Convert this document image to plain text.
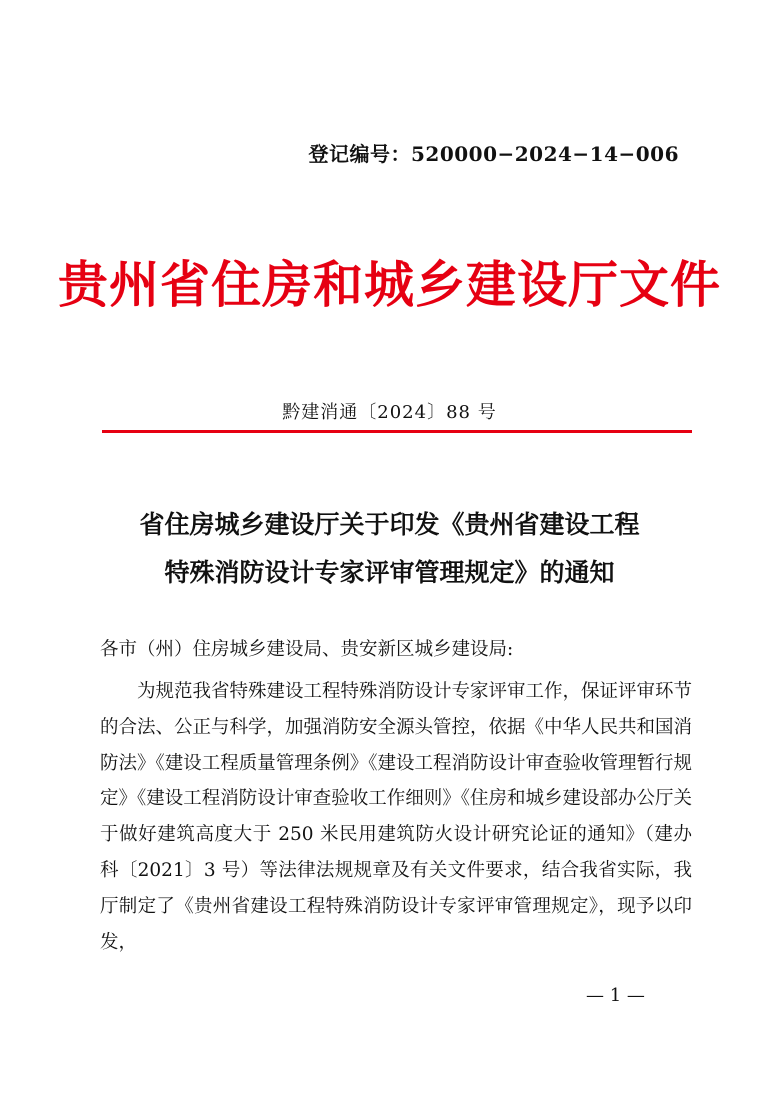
登记编号：520000−2024−14−006
贵州省住房和城乡建设厅文件
黔建消通〔2024〕88 号
省住房城乡建设厅关于印发《贵州省建设工程
特殊消防设计专家评审管理规定》的通知
各市（州）住房城乡建设局、贵安新区城乡建设局:

为规范我省特殊建设工程特殊消防设计专家评审工作，保证评审环节的合法、公正与科学，加强消防安全源头管控，依据《中华人民共和国消防法》《建设工程质量管理条例》《建设工程消防设计审查验收管理暂行规定》《建设工程消防设计审查验收工作细则》《住房和城乡建设部办公厅关于做好建筑高度大于 250 米民用建筑防火设计研究论证的通知》（建办科〔2021〕3 号）等法律法规规章及有关文件要求，结合我省实际，我厅制定了《贵州省建设工程特殊消防设计专家评审管理规定》，现予以印发，

— 1 —
